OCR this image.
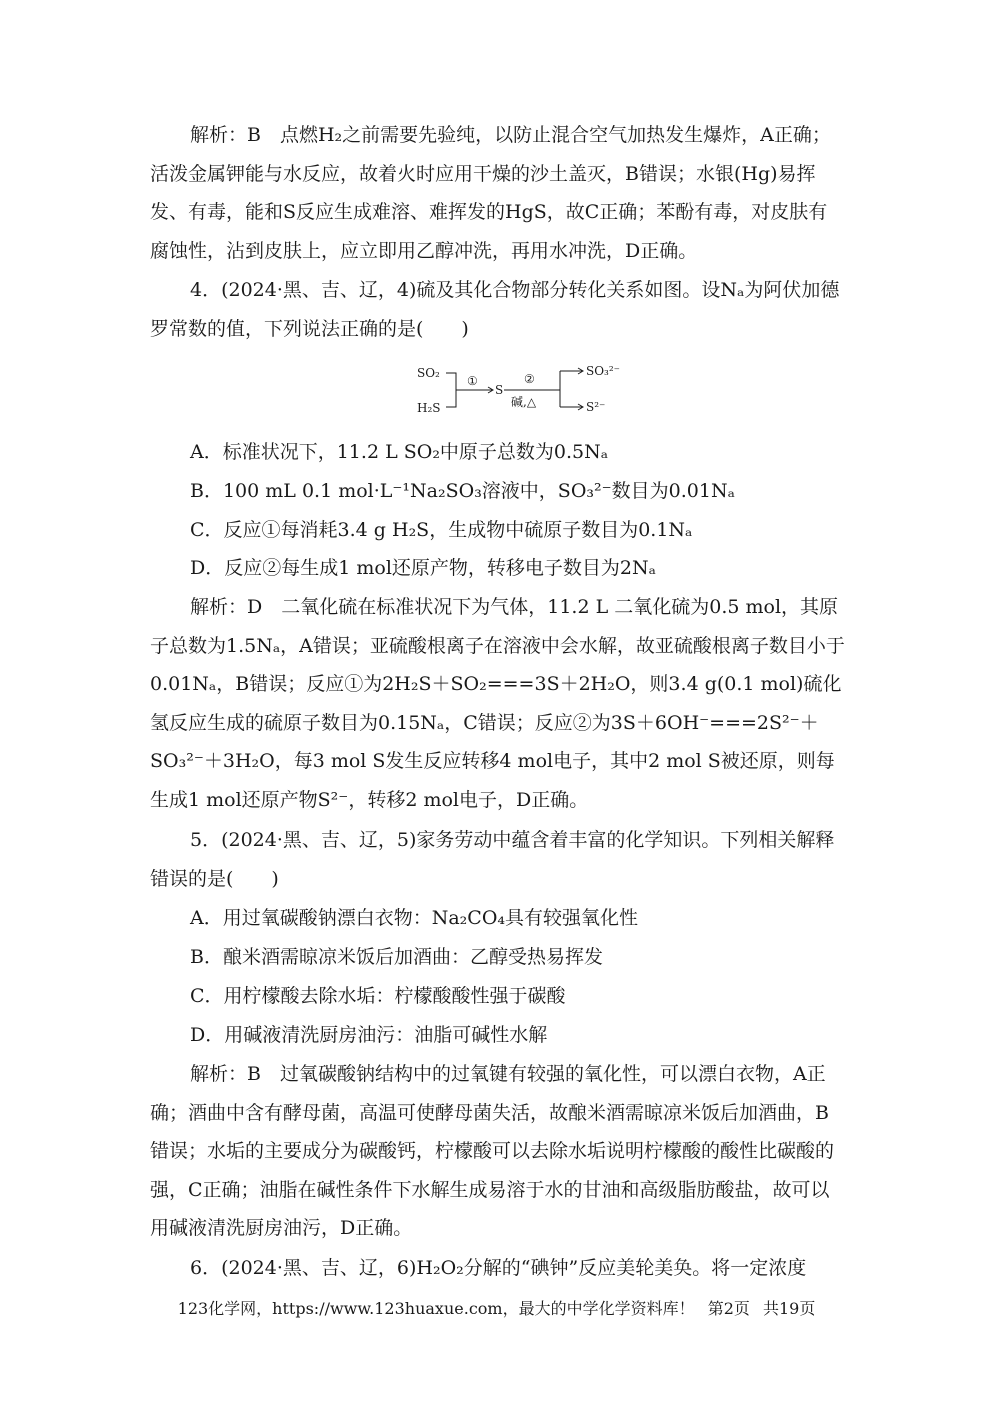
解析：B　点燃H₂之前需要先验纯，以防止混合空气加热发生爆炸，A正确；活泼金属钾能与水反应，故着火时应用干燥的沙土盖灭，B错误；水银(Hg)易挥发、有毒，能和S反应生成难溶、难挥发的HgS，故C正确；苯酚有毒，对皮肤有腐蚀性，沾到皮肤上，应立即用乙醇冲洗，再用水冲洗，D正确。

4．(2024·黑、吉、辽，4)硫及其化合物部分转化关系如图。设Nₐ为阿伏加德罗常数的值，下列说法正确的是(　　)

SO₂
H₂S
①
S
②
碱,△
SO₃²⁻
S²⁻

A．标准状况下，11.2 L SO₂中原子总数为0.5Nₐ

B．100 mL 0.1 mol·L⁻¹Na₂SO₃溶液中，SO₃²⁻数目为0.01Nₐ

C．反应①每消耗3.4 g H₂S，生成物中硫原子数目为0.1Nₐ

D．反应②每生成1 mol还原产物，转移电子数目为2Nₐ

解析：D　二氧化硫在标准状况下为气体，11.2 L 二氧化硫为0.5 mol，其原子总数为1.5Nₐ，A错误；亚硫酸根离子在溶液中会水解，故亚硫酸根离子数目小于0.01Nₐ，B错误；反应①为2H₂S＋SO₂===3S＋2H₂O，则3.4 g(0.1 mol)硫化氢反应生成的硫原子数目为0.15Nₐ，C错误；反应②为3S＋6OH⁻===2S²⁻＋SO₃²⁻＋3H₂O，每3 mol S发生反应转移4 mol电子，其中2 mol S被还原，则每生成1 mol还原产物S²⁻，转移2 mol电子，D正确。

5．(2024·黑、吉、辽，5)家务劳动中蕴含着丰富的化学知识。下列相关解释错误的是(　　)

A．用过氧碳酸钠漂白衣物：Na₂CO₄具有较强氧化性

B．酿米酒需晾凉米饭后加酒曲：乙醇受热易挥发

C．用柠檬酸去除水垢：柠檬酸酸性强于碳酸

D．用碱液清洗厨房油污：油脂可碱性水解

解析：B　过氧碳酸钠结构中的过氧键有较强的氧化性，可以漂白衣物，A正确；酒曲中含有酵母菌，高温可使酵母菌失活，故酿米酒需晾凉米饭后加酒曲，B错误；水垢的主要成分为碳酸钙，柠檬酸可以去除水垢说明柠檬酸的酸性比碳酸的强，C正确；油脂在碱性条件下水解生成易溶于水的甘油和高级脂肪酸盐，故可以用碱液清洗厨房油污，D正确。

6．(2024·黑、吉、辽，6)H₂O₂分解的“碘钟”反应美轮美奂。将一定浓度

123化学网，https://www.123huaxue.com，最大的中学化学资料库！ 第2页 共19页
